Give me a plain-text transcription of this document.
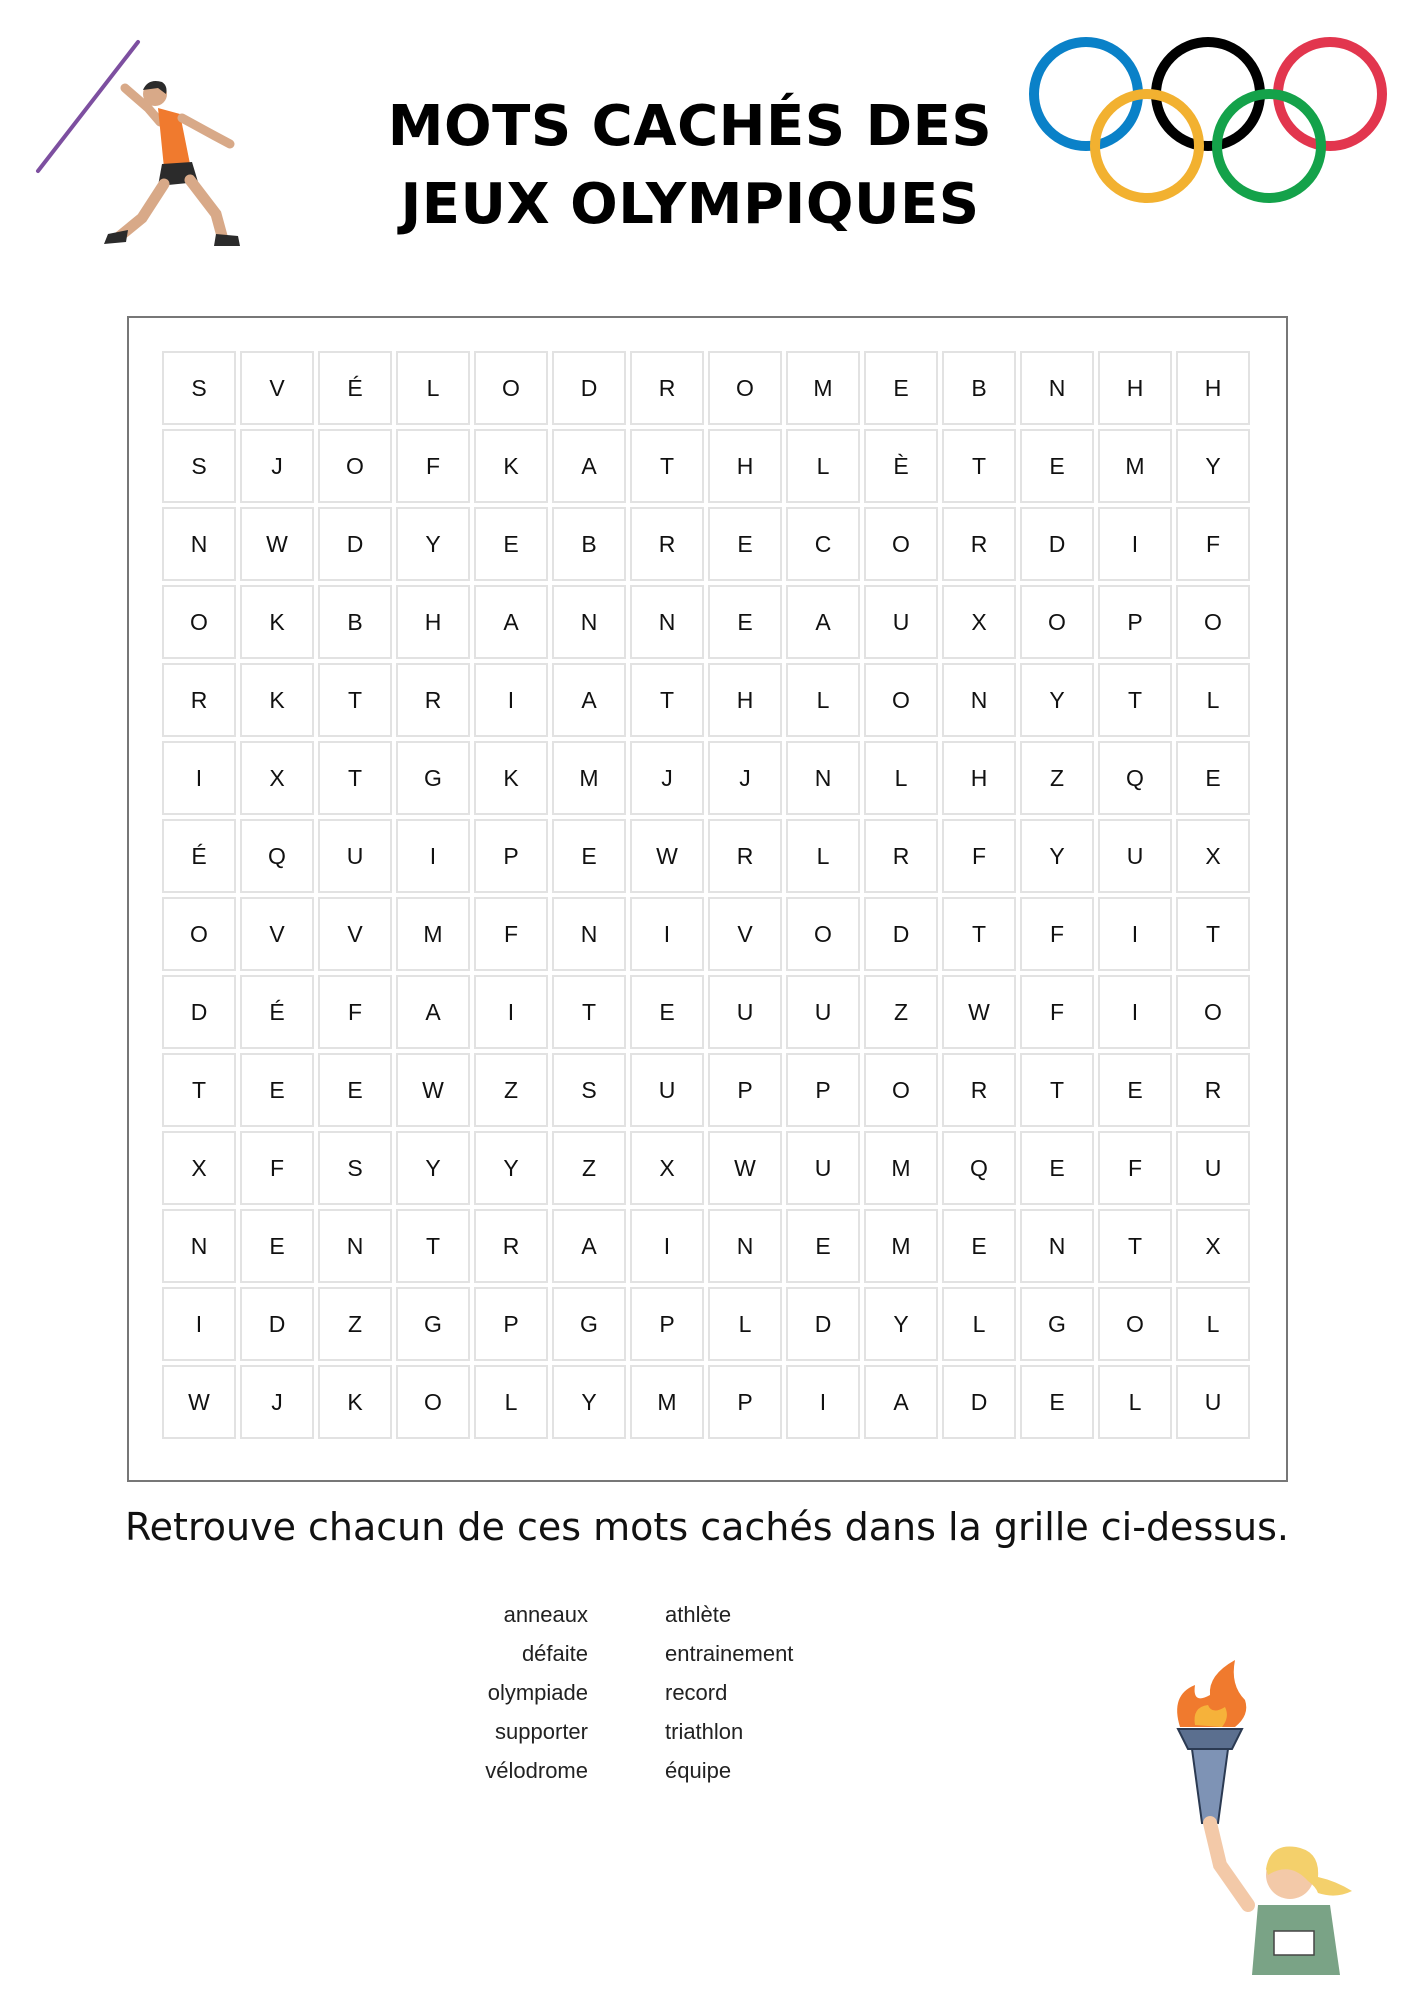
MOTS CACHÉS DES
JEUX OLYMPIQUES
S	V	É	L	O	D	R	O	M	E	B	N	H	H
S	J	O	F	K	A	T	H	L	È	T	E	M	Y
N	W	D	Y	E	B	R	E	C	O	R	D	I	F
O	K	B	H	A	N	N	E	A	U	X	O	P	O
R	K	T	R	I	A	T	H	L	O	N	Y	T	L
I	X	T	G	K	M	J	J	N	L	H	Z	Q	E
É	Q	U	I	P	E	W	R	L	R	F	Y	U	X
O	V	V	M	F	N	I	V	O	D	T	F	I	T
D	É	F	A	I	T	E	U	U	Z	W	F	I	O
T	E	E	W	Z	S	U	P	P	O	R	T	E	R
X	F	S	Y	Y	Z	X	W	U	M	Q	E	F	U
N	E	N	T	R	A	I	N	E	M	E	N	T	X
I	D	Z	G	P	G	P	L	D	Y	L	G	O	L
W	J	K	O	L	Y	M	P	I	A	D	E	L	U
Retrouve chacun de ces mots cachés dans la grille ci-dessus.
anneaux
défaite
olympiade
supporter
vélodrome
athlète
entrainement
record
triathlon
équipe
